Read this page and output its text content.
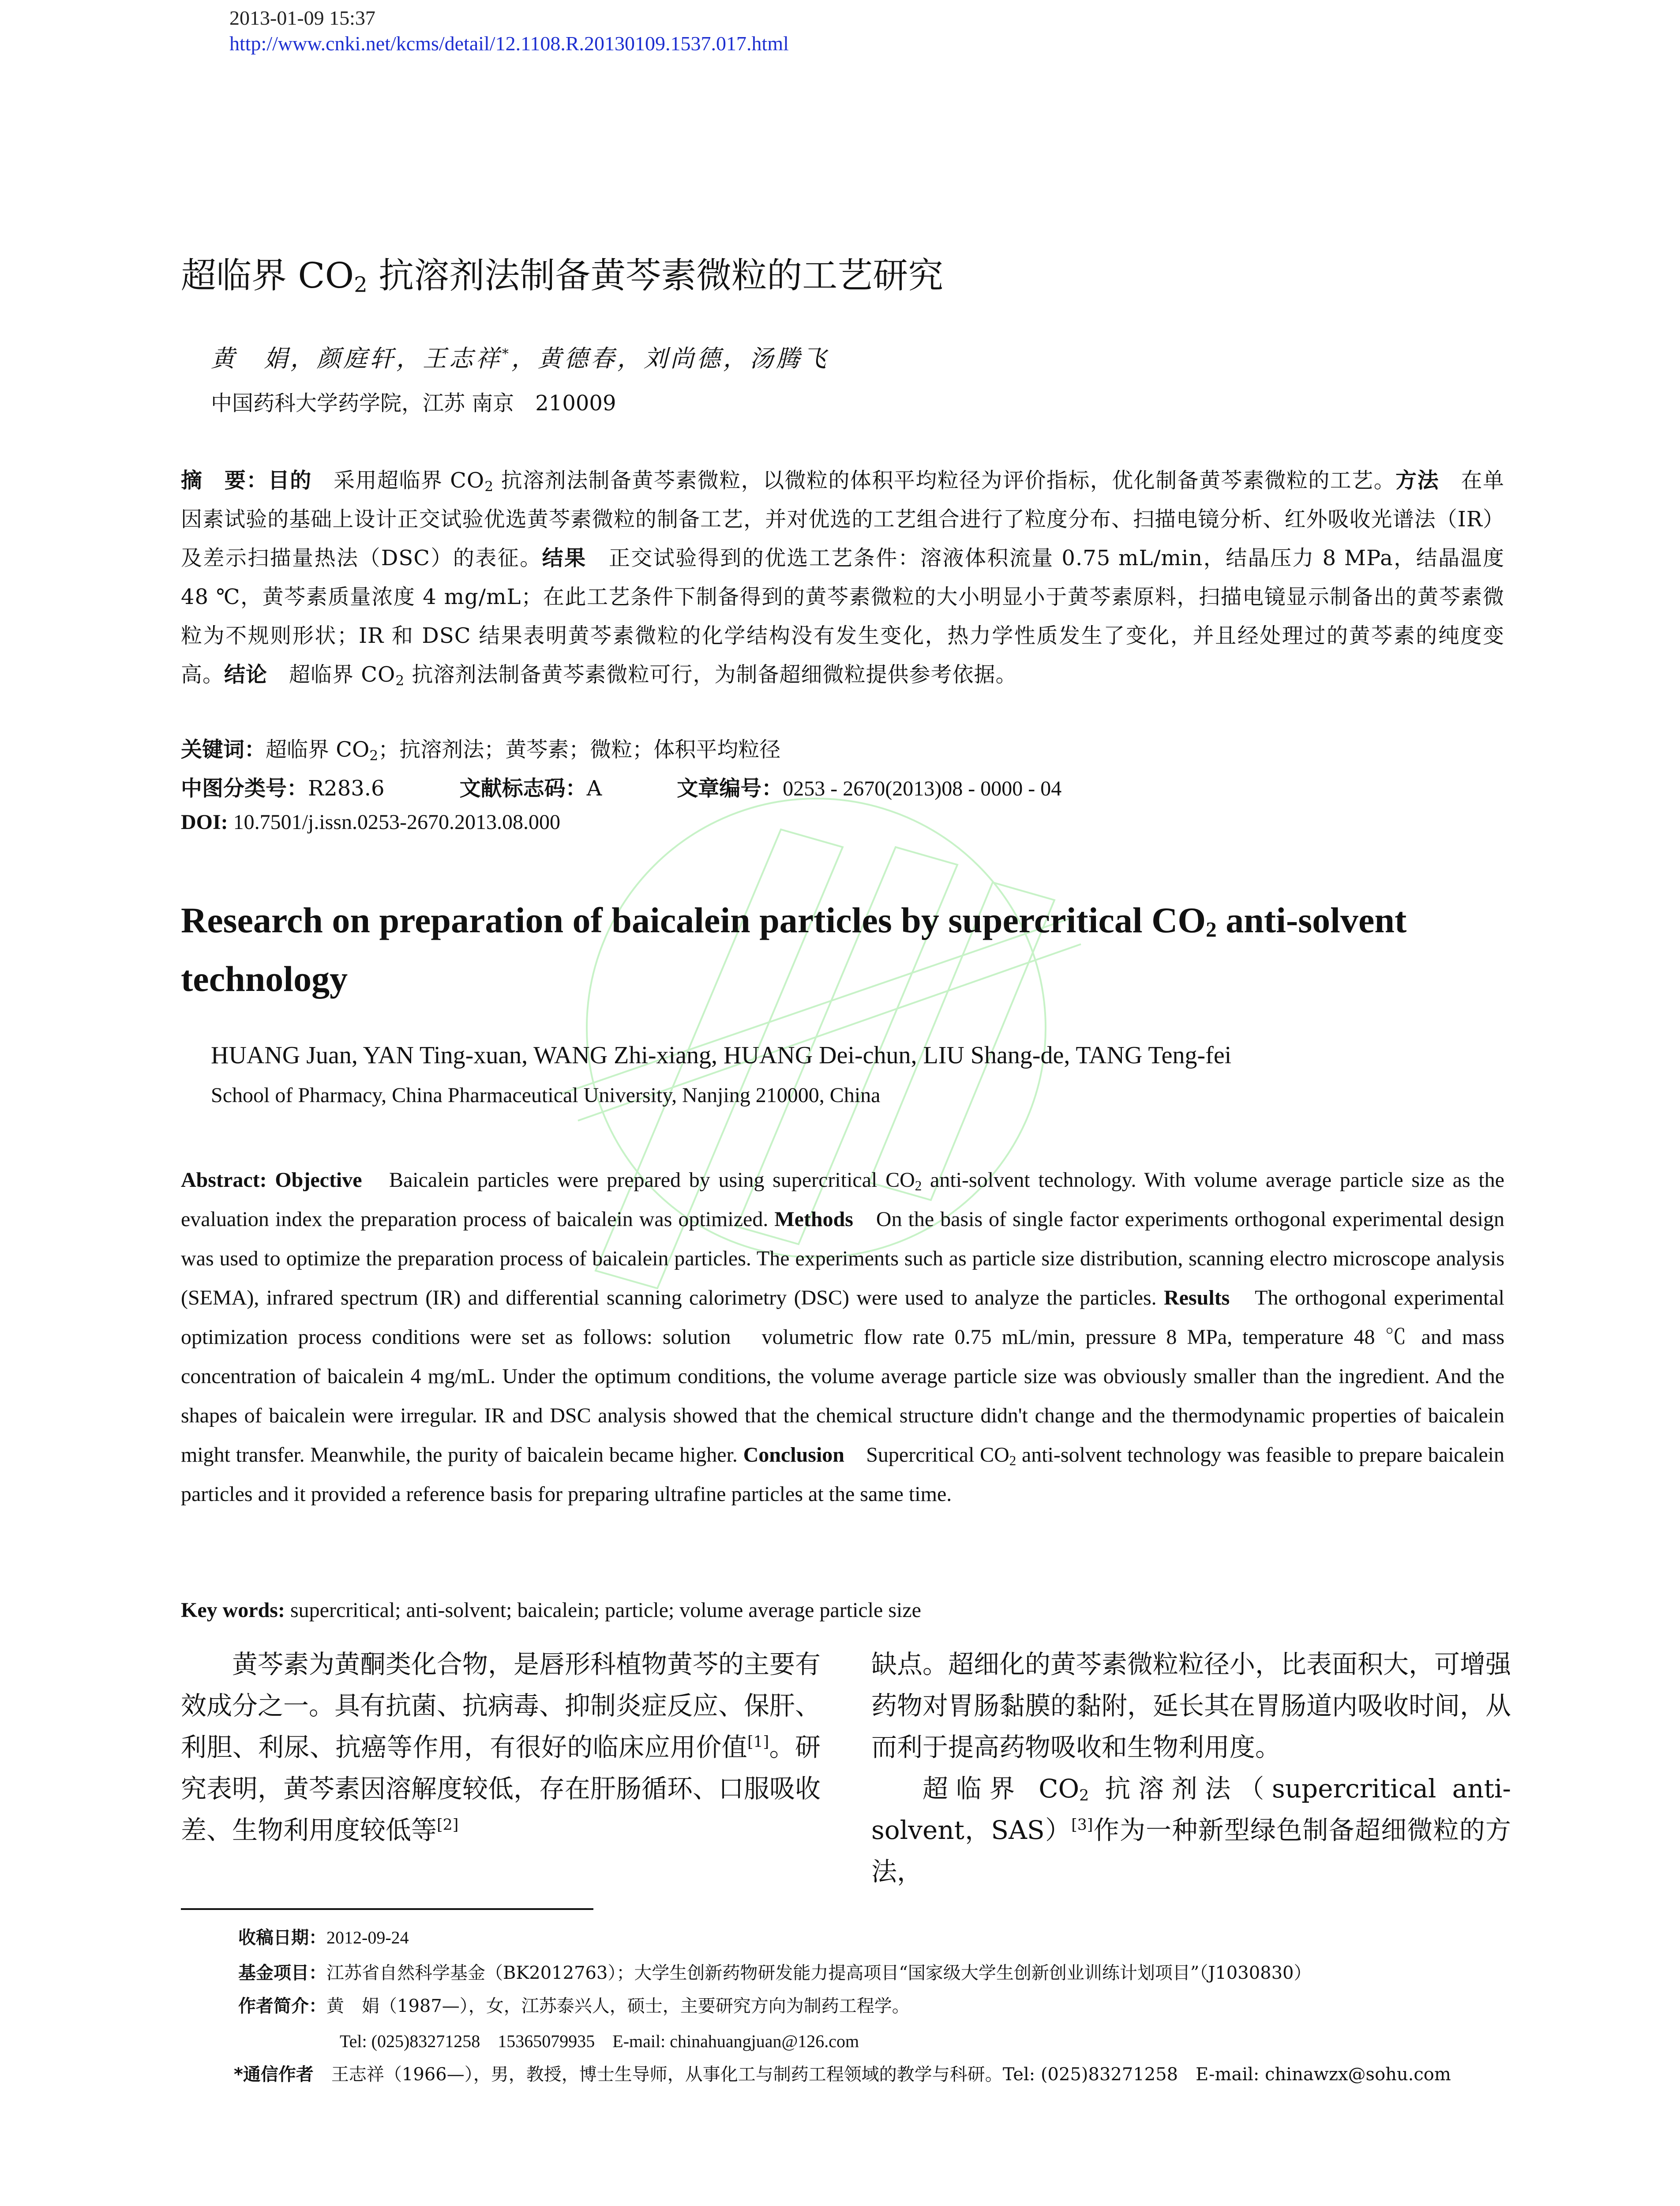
2013-01-09 15:37
http://www.cnki.net/kcms/detail/12.1108.R.20130109.1537.017.html
超临界 $CO_2$ 抗溶剂法制备黄芩素微粒的工艺研究
黄　娟，颜庭轩，王志祥*，黄德春，刘尚德，汤腾飞
中国药科大学药学院，江苏 南京　210009
摘　要：目的　采用超临界 $CO_2$ 抗溶剂法制备黄芩素微粒，以微粒的体积平均粒径为评价指标，优化制备黄芩素微粒的工艺。方法　在单因素试验的基础上设计正交试验优选黄芩素微粒的制备工艺，并对优选的工艺组合进行了粒度分布、扫描电镜分析、红外吸收光谱法（IR）及差示扫描量热法（DSC）的表征。结果　正交试验得到的优选工艺条件：溶液体积流量 0.75 mL/min，结晶压力 8 MPa，结晶温度 48 ℃，黄芩素质量浓度 4 mg/mL；在此工艺条件下制备得到的黄芩素微粒的大小明显小于黄芩素原料，扫描电镜显示制备出的黄芩素微粒为不规则形状；IR 和 DSC 结果表明黄芩素微粒的化学结构没有发生变化，热力学性质发生了变化，并且经处理过的黄芩素的纯度变高。结论　超临界 $CO_2$ 抗溶剂法制备黄芩素微粒可行，为制备超细微粒提供参考依据。
关键词：超临界 $CO_2$；抗溶剂法；黄芩素；微粒；体积平均粒径
中图分类号：R283.6	文献标志码：A	文章编号：0253 - 2670(2013)08 - 0000 - 04
DOI: 10.7501/j.issn.0253-2670.2013.08.000
Research on preparation of baicalein particles by supercritical $CO_2$ anti-solvent technology
HUANG Juan, YAN Ting-xuan, WANG Zhi-xiang, HUANG Dei-chun, LIU Shang-de, TANG Teng-fei
School of Pharmacy, China Pharmaceutical University, Nanjing 210000, China
Abstract: Objective　Baicalein particles were prepared by using supercritical $CO_2$ anti-solvent technology. With volume average particle size as the evaluation index the preparation process of baicalein was optimized. Methods　On the basis of single factor experiments orthogonal experimental design was used to optimize the preparation process of baicalein particles. The experiments such as particle size distribution, scanning electro microscope analysis (SEMA), infrared spectrum (IR) and differential scanning calorimetry (DSC) were used to analyze the particles. Results　The orthogonal experimental optimization process conditions were set as follows: solution　volumetric flow rate 0.75 mL/min, pressure 8 MPa, temperature 48 ℃ and mass concentration of baicalein 4 mg/mL. Under the optimum conditions, the volume average particle size was obviously smaller than the ingredient. And the shapes of baicalein were irregular. IR and DSC analysis showed that the chemical structure didn't change and the thermodynamic properties of baicalein might transfer. Meanwhile, the purity of baicalein became higher. Conclusion　Supercritical $CO_2$ anti-solvent technology was feasible to prepare baicalein particles and it provided a reference basis for preparing ultrafine particles at the same time.
Key words: supercritical; anti-solvent; baicalein; particle; volume average particle size

黄芩素为黄酮类化合物，是唇形科植物黄芩的主要有效成分之一。具有抗菌、抗病毒、抑制炎症反应、保肝、利胆、利尿、抗癌等作用，有很好的临床应用价值[1]。研究表明，黄芩素因溶解度较低，存在肝肠循环、口服吸收差、生物利用度较低等[2]

缺点。超细化的黄芩素微粒粒径小，比表面积大，可增强药物对胃肠黏膜的黏附，延长其在胃肠道内吸收时间，从而利于提高药物吸收和生物利用度。

超临界 $CO_2$ 抗溶剂法（supercritical anti-solvent，SAS）[3]作为一种新型绿色制备超细微粒的方法，

收稿日期：2012-09-24
基金项目：江苏省自然科学基金（BK2012763）；大学生创新药物研发能力提高项目“国家级大学生创新创业训练计划项目”（J1030830）
作者简介：黄　娟（1987—），女，江苏泰兴人，硕士，主要研究方向为制药工程学。
Tel: (025)83271258　15365079935　E-mail: chinahuangjuan@126.com
*通信作者　王志祥（1966—），男，教授，博士生导师，从事化工与制药工程领域的教学与科研。Tel: (025)83271258　E-mail: chinawzx@sohu.com
